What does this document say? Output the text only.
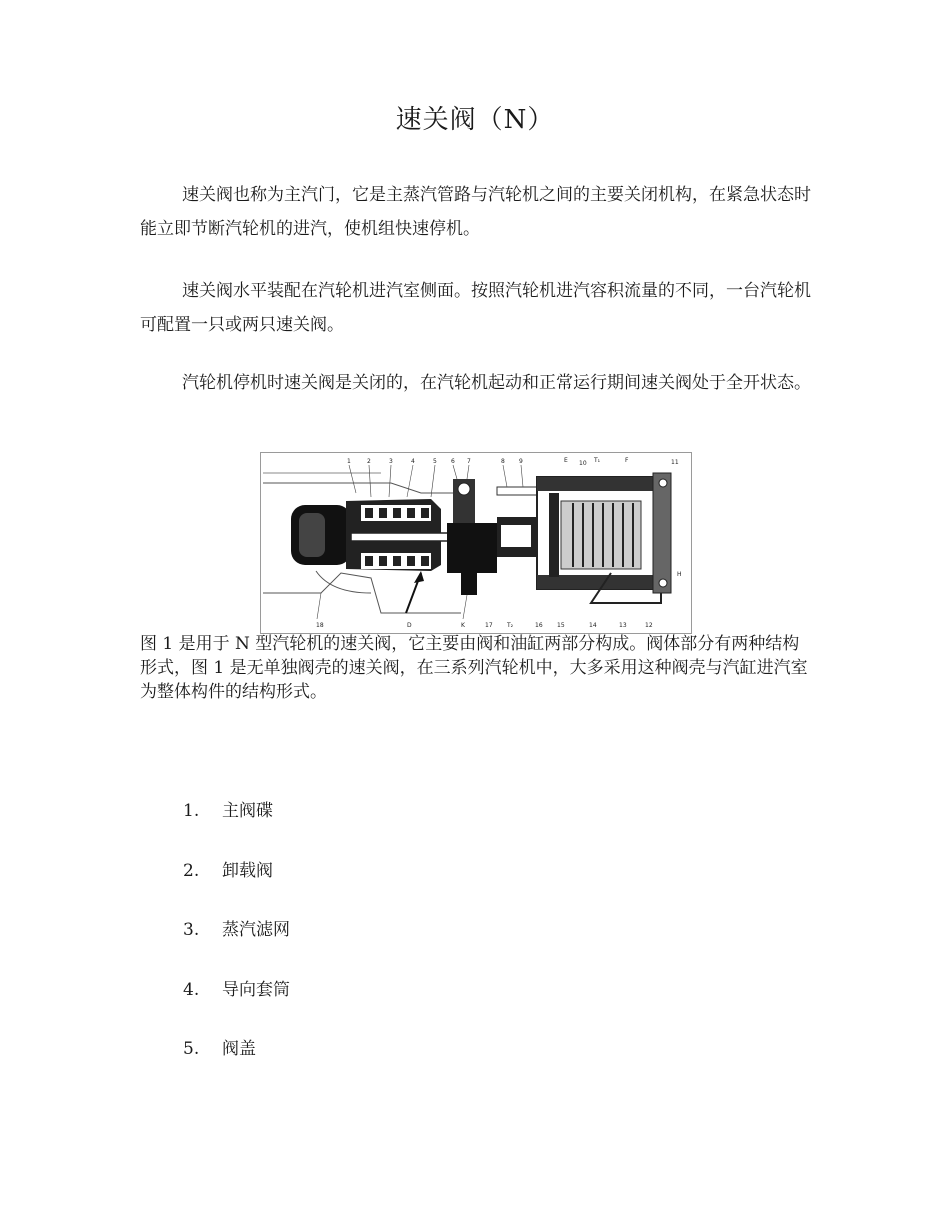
速关阀（N）

速关阀也称为主汽门，它是主蒸汽管路与汽轮机之间的主要关闭机构，在紧急状态时能立即节断汽轮机的进汽，使机组快速停机。

速关阀水平装配在汽轮机进汽室侧面。按照汽轮机进汽容积流量的不同，一台汽轮机可配置一只或两只速关阀。

汽轮机停机时速关阀是关闭的，在汽轮机起动和正常运行期间速关阀处于全开状态。

1	2	3	4	5 6 7	8 9	E 10 T₁	F	11
18	D	K	17 T₂	16 15	14	13	12
H

图 1 是用于 N 型汽轮机的速关阀，它主要由阀和油缸两部分构成。阀体部分有两种结构形式，图 1 是无单独阀壳的速关阀，在三系列汽轮机中，大多采用这种阀壳与汽缸进汽室为整体构件的结构形式。

1.	主阀碟
2.	卸载阀
3.	蒸汽滤网
4.	导向套筒
5.	阀盖
